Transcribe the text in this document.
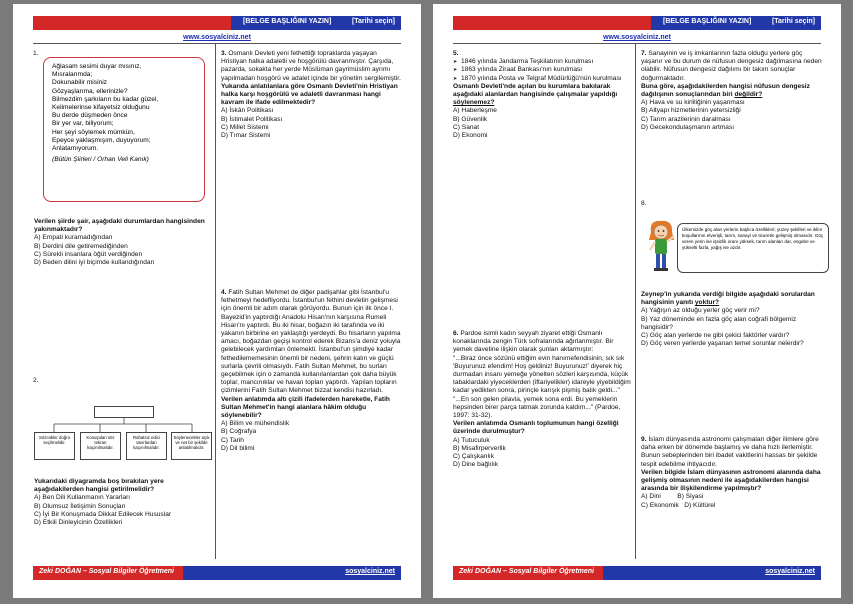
[BELGE BAŞLIĞINI YAZIN]	[Tarihi seçin]
www.sosyalciniz.net
1.

Ağlasam sesimi duyar mısınız,

Mısralarımda;

Dokunabilir misiniz

Gözyaşlarıma, ellerinizle?

Bilmezdim şarkıların bu kadar güzel,

Kelimelerinse kifayetsiz olduğunu

Bu derde düşmeden önce

Bir yer var, biliyorum;

Her şeyi söylemek mümkün,

Epeyce yaklaşmışım, duyuyorum;

Anlatamıyorum.

(Bütün Şiirleri / Orhan Veli Kanık)

Verilen şiirde şair, aşağıdaki durumlardan hangisinden yakınmaktadır?

A) Empati kuramadığından

B) Derdini dile getiremediğinden

C) Sürekli insanlara öğüt verdiğinden

D) Beden dilini iyi biçimde kullandığından

2.
Sözcükler doğru seçilmelidir.
Konuşulan söz tekrarı kaçınılmalıdır.
Rahatsız edici tavırlardan kaçınılmalıdır.
Söylenecekler açık ve net bir şekilde anlatılmalıdır.

Yukarıdaki diyagramda boş bırakılan yere aşağıdakilerden hangisi getirilmelidir?

A) Ben Dili Kullanmanın Yararları

B) Olumsuz İletişimin Sonuçları

C) İyi Bir Konuşmada Dikkat Edilecek Hususlar

D) Etkili Dinleyicinin Özellikleri

3. Osmanlı Devleti yeni fethettiği topraklarda yaşayan Hristiyan halka adaletli ve hoşgörülü davranmıştır. Çarşıda, pazarda, sokakta her yerde Müslüman gayrimüslim ayrımı yapılmadan hoşgörü ve adalet içinde bir yönetim sergilemiştir.

Yukarıda anlatılanlara göre Osmanlı Devleti'nin Hristiyan halka karşı hoşgörülü ve adaletli davranması hangi kavram ile ifade edilmektedir?

A) İskân Politikası

B) İstimalet Politikası

C) Millet Sistemi

D) Tımar Sistemi

4. Fatih Sultan Mehmet de diğer padişahlar gibi İstanbul'u fethetmeyi hedefliyordu. İstanbul'un fethini devletin gelişmesi için önemli bir adım olarak görüyordu. Bunun için ilk önce I. Bayezid'in yaptırdığı Anadolu Hisarı'nın karşısına Rumeli Hisarı'nı yaptırdı. Bu iki hisar, boğazın iki tarafında ve iki yakanın birbirine en yaklaştığı yerdeydi. Bu hisarların yapılma amacı, boğazdan geçişi kontrol ederek Bizans'a deniz yoluyla gelebilecek yardımları önlemekti. İstanbul'un şimdiye kadar fethedilememesinin önemli bir nedeni, şehrin kalın ve güçlü surlarla çevrili olmasıydı. Fatih Sultan Mehmet, bu surları geçebilmek için o zamanda kullanılanlardan çok daha büyük toplar, mancınıklar ve havan topları yaptırdı. Yapılan topların çizimlerini Fatih Sultan Mehmet bizzat kendisi hazırladı.

Verilen anlatımda altı çizili ifadelerden hareketle, Fatih Sultan Mehmet'in hangi alanlara hâkim olduğu söylenebilir?

A) Bilim ve mühendislik

B) Coğrafya

C) Tarih

D) Dil bilimi

Zeki DOĞAN – Sosyal Bilgiler Öğretmeni	sosyalciniz.net
[BELGE BAŞLIĞINI YAZIN]	[Tarihi seçin]
www.sosyalciniz.net

5.

➤ 1846 yılında Jandarma Teşkilatının kurulması

➤ 1863 yılında Ziraat Bankası'nın kurulması

➤ 1870 yılında Posta ve Telgraf Müdürlüğü'nün kurulması

Osmanlı Devleti'nde açılan bu kurumlara bakılarak aşağıdaki alanlardan hangisinde çalışmalar yapıldığı söylenemez?

A) Haberleşme

B) Güvenlik

C) Sanat

D) Ekonomi

6. Pardoe isimli kadın seyyah ziyaret ettiği Osmanlı konaklarında zengin Türk sofralarında ağırlanmıştır. Bir yemek davetine ilişkin olarak şunları aktarmıştır:

"...Biraz önce sözünü ettiğim evin hanımefendisinin, sık sık 'Buyurunuz efendim! Hoş geldiniz! Buyurunuz!' diyerek hiç durmadan insanı yemeğe yönelten sözleri karşısında, küçük tabaklardaki yiyeceklerden (iftariyelikler) idareyle yiyebildiğim kadar yedikten sonra, pirinçle karışık pişmiş balık geldi..." "...En son gelen pilavla, yemek sona erdi. Bu yemeklerin hepsinden birer parça tatmak zorunda kaldım..." (Pardoe, 1997: 31-32).

Verilen anlatımda Osmanlı toplumunun hangi özelliği üzerinde durulmuştur?

A) Tutuculuk

B) Misafirperverlik

C) Çalışkanlık

D) Dine bağlılık

7. Sanayinin ve iş imkanlarının fazla olduğu yerlere göç yaşanır ve bu durum de nüfusun dengesiz dağılmasına neden olabilir. Nüfusun dengesiz dağılımı bir takım sonuçlar doğurmaktadır.

Buna göre, aşağıdakilerden hangisi nüfusun dengesiz dağılışının sonuçlarından biri değildir?

A) Hava ve su kirliliğinin yaşanması

B) Altyapı hizmetlerinin yetersizliği

C) Tarım arazilerinin daralması

D) Gecekondulaşmanın artması

8.
Ülkemizde göç alan yerlerin başlıca özellikleri; yüzey şekilleri ve iklim koşullarının elverişli, tarım, sanayi ve ticaretin gelişmiş olmasıdır. Göç veren yerin ise işsizlik oranı yüksek, tarım alanları dar, engebe ve yükselti fazla, yağış ise azdır.

Zeynep'in yukarıda verdiği bilgide aşağıdaki sorulardan hangisinin yanıtı yoktur?

A) Yağışın az olduğu yerler göç verir mi?

B) Yaz döneminde en fazla göç alan coğrafi bölgemiz hangisidir?

C) Göç alan yerlerde ne gibi çekici faktörler vardır?

D) Göç veren yerlerde yaşanan temel sorunlar nelerdir?

9. İslam dünyasında astronomi çalışmaları diğer ilimlere göre daha erken bir dönemde başlamış ve daha hızlı ilerlemiştir. Bunun sebeplerinden biri ibadet vakitlerini hassas bir şekilde tespit edebilme ihtiyacıdır.

Verilen bilgide İslam dünyasının astronomi alanında daha gelişmiş olmasının nedeni ile aşağıdakilerden hangisi arasında bir ilişkilendirme yapılmıştır?

A) Dini	B) Siyasi

C) Ekonomik D) Kültürel

Zeki DOĞAN – Sosyal Bilgiler Öğretmeni	sosyalciniz.net
